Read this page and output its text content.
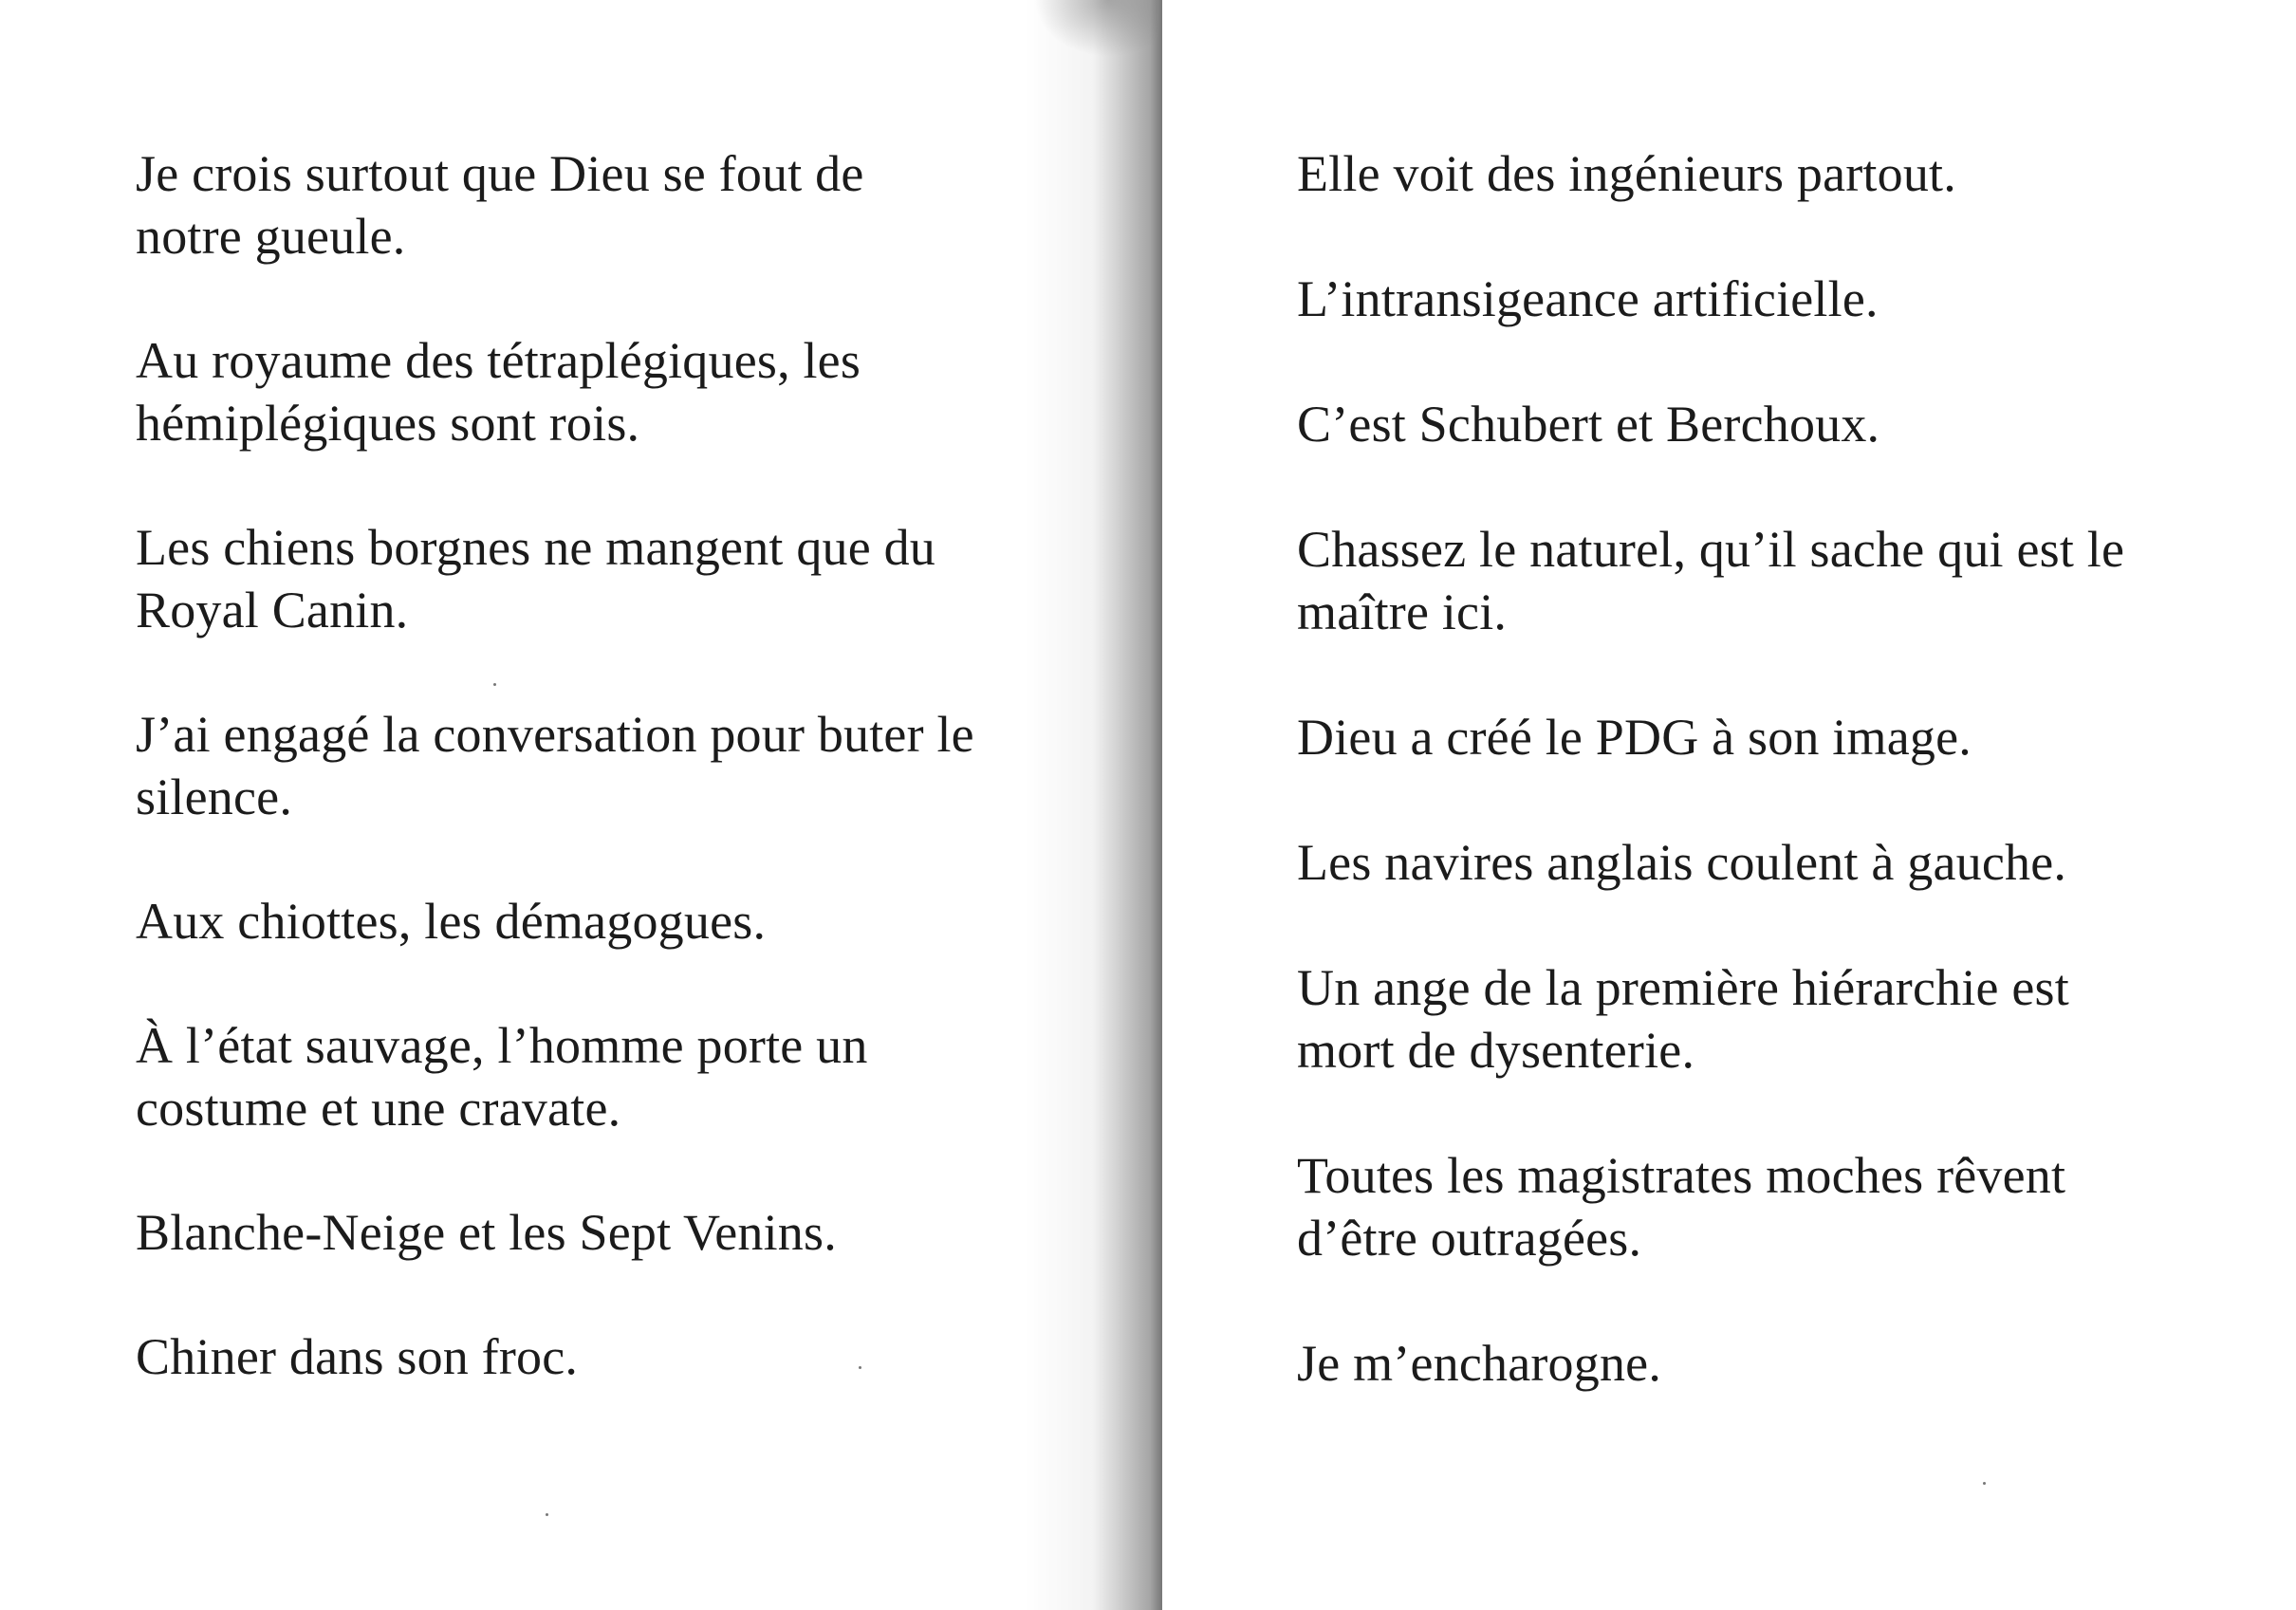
Je crois surtout que Dieu se fout de notre gueule.
Au royaume des tétraplégiques, les hémiplégiques sont rois.
Les chiens borgnes ne mangent que du Royal Canin.
J’ai engagé la conversation pour buter le silence.
Aux chiottes, les démagogues.
À l’état sauvage, l’homme porte un costume et une cravate.
Blanche-Neige et les Sept Venins.
Chiner dans son froc.
Elle voit des ingénieurs partout.
L’intransigeance artificielle.
C’est Schubert et Berchoux.
Chassez le naturel, qu’il sache qui est le maître ici.
Dieu a créé le PDG à son image.
Les navires anglais coulent à gauche.
Un ange de la première hiérarchie est mort de dysenterie.
Toutes les magistrates moches rêvent d’être outragées.
Je m’encharogne.
